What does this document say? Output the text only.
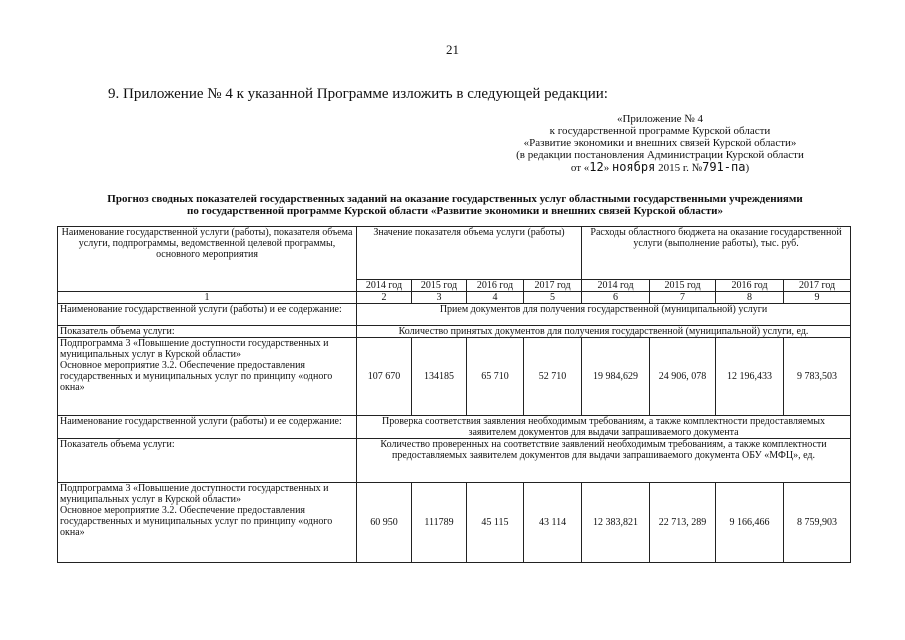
21
9. Приложение № 4 к указанной Программе изложить в следующей редакции:
«Приложение № 4
к государственной программе Курской области
«Развитие экономики и внешних связей Курской области»
(в редакции постановления Администрации Курской области
от «12» ноября 2015 г. №791-па)
Прогноз сводных показателей государственных заданий на оказание государственных услуг областными государственными учреждениями
по государственной программе Курской области «Развитие экономики и внешних связей Курской области»
Наименование государственной услуги (работы), показателя объема услуги, подпрограммы, ведомственной целевой программы, основного мероприятия	Значение показателя объема услуги (работы)				Расходы областного бюджета на оказание государственной услуги (выполнение работы), тыс. руб.			
	2014 год	2015 год	2016 год	2017 год	2014 год	2015 год	2016 год	2017 год
1	2	3	4	5	6	7	8	9
Наименование государственной услуги (работы) и ее содержание:	Прием документов для получения государственной (муниципальной) услуги							
Показатель объема услуги:	Количество принятых документов для получения государственной (муниципальной) услуги, ед.							

Подпрограмма 3 «Повышение доступности государственных и муниципальных услуг в Курской области»
Основное мероприятие 3.2. Обеспечение предоставления государственных и муниципальных услуг по принципу «одного окна»	107 670	134185	65 710	52 710	19 984,629	24 906, 078	12 196,433	9 783,503
Наименование государственной услуги (работы) и ее содержание:	Проверка соответствия заявления необходимым требованиям, а также комплектности предоставляемых заявителем документов для выдачи запрашиваемого документа							
Показатель объема услуги:	Количество проверенных на соответствие заявлений необходимым требованиям, а также комплектности предоставляемых заявителем документов для выдачи запрашиваемого документа ОБУ «МФЦ», ед.							

Подпрограмма 3 «Повышение доступности государственных и муниципальных услуг в Курской области»
Основное мероприятие 3.2. Обеспечение предоставления государственных и муниципальных услуг по принципу «одного окна»	60 950	111789	45 115	43 114	12 383,821	22 713, 289	9 166,466	8 759,903
